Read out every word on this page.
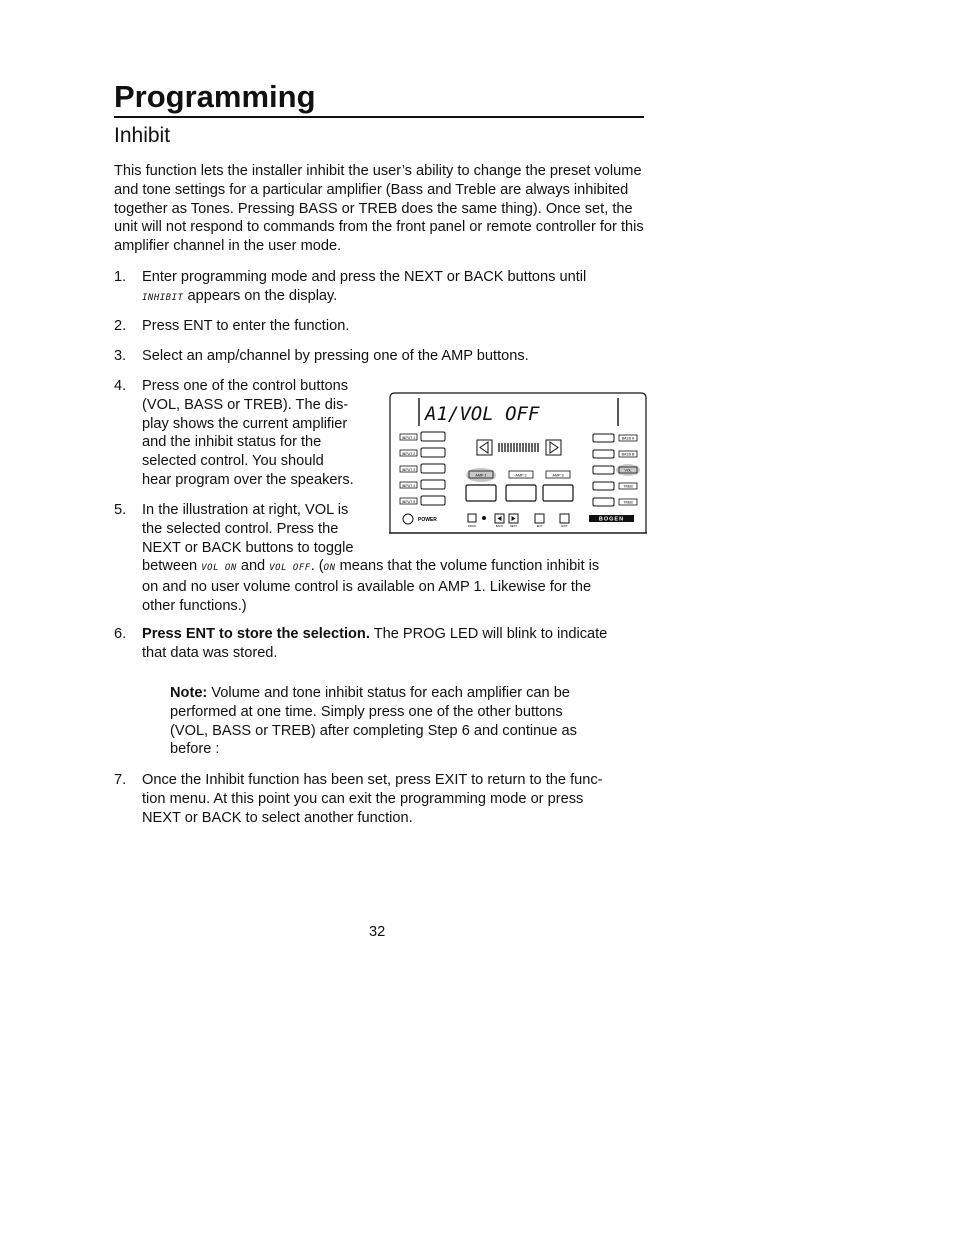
Programming
Inhibit

This function lets the installer inhibit the user’s ability to change the preset volume and tone settings for a particular amplifier (Bass and Treble are always inhibited together as Tones. Pressing BASS or TREB does the same thing). Once set, the unit will not respond to commands from the front panel or remote controller for this amplifier channel in the user mode.

1. Enter programming mode and press the NEXT or BACK buttons until
INHIBIT appears on the display.
2. Press ENT to enter the function.
3. Select an amp/channel by pressing one of the AMP buttons.
4. Press one of the control buttons
(VOL, BASS or TREB). The dis-
play shows the current amplifier
and the inhibit status for the
selected control. You should
hear program over the speakers.
5. In the illustration at right, VOL is
the selected control. Press the
NEXT or BACK buttons to toggle
between VOL ON and VOL OFF. (ON means that the volume function inhibit is
on and no user volume control is available on AMP 1. Likewise for the
other functions.)
6. Press ENT to store the selection. The PROG LED will blink to indicate
that data was stored.
Note: Volume and tone inhibit status for each amplifier can be
performed at one time. Simply press one of the other buttons
(VOL, BASS or TREB) after completing Step 6 and continue as
before :
7. Once the Inhibit function has been set, press EXIT to return to the func-
tion menu. At this point you can exit the programming mode or press
NEXT or BACK to select another function.
A1/VOL OFF
INPUT 1
INPUT 2
INPUT 3
INPUT 4
INPUT 5
AMP 1	AMP 2	AMP 3
BASS A
BASS B
VOL
TREB
TREB
POWER
PROG	BACK NEXT	ENT	EXIT
BOGEN
32
